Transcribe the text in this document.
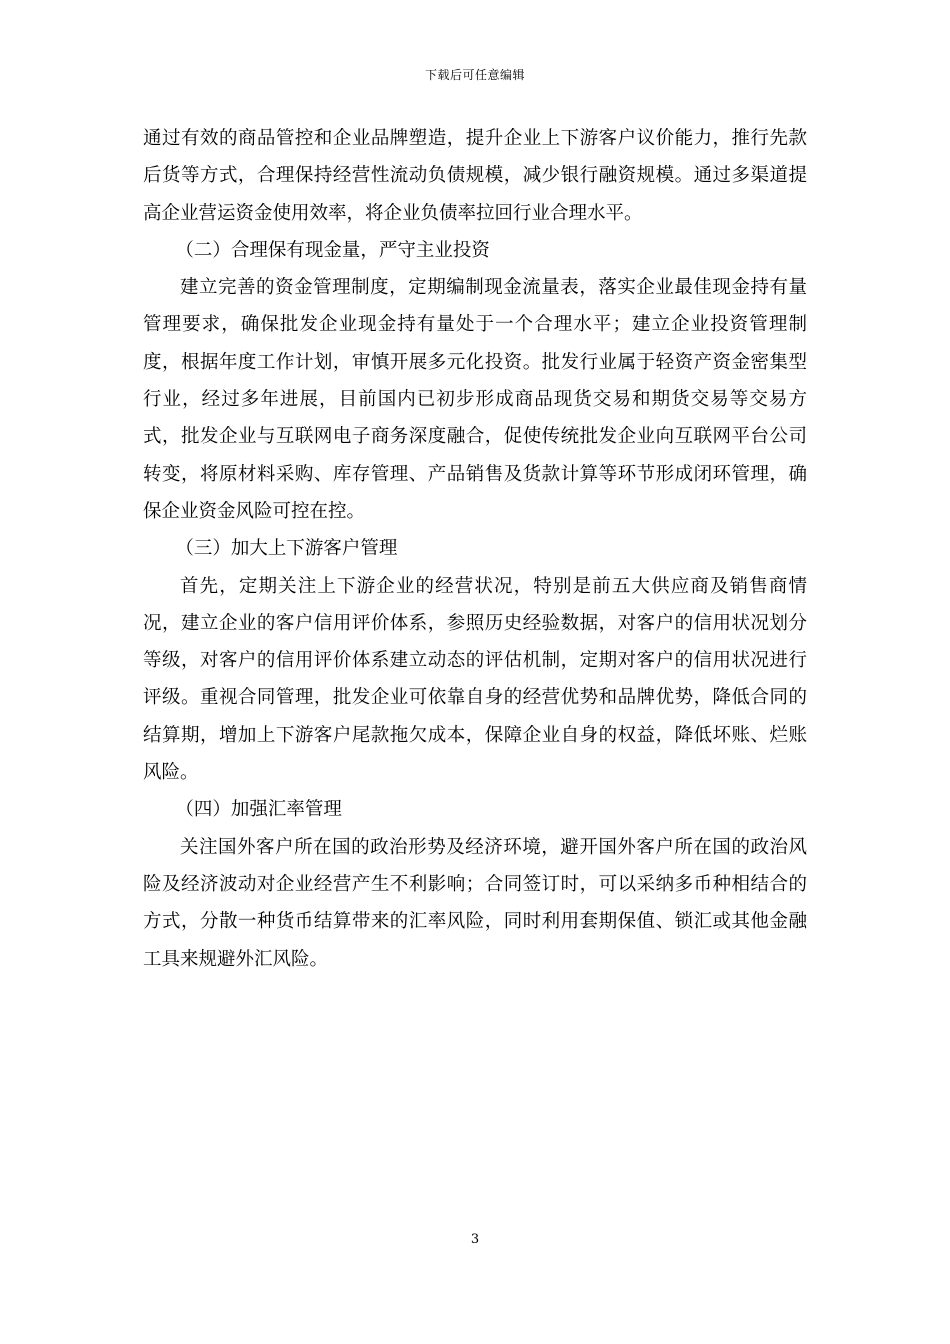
下载后可任意编辑

通过有效的商品管控和企业品牌塑造，提升企业上下游客户议价能力，推行先款后货等方式，合理保持经营性流动负债规模，减少银行融资规模。通过多渠道提高企业营运资金使用效率，将企业负债率拉回行业合理水平。

（二）合理保有现金量，严守主业投资

建立完善的资金管理制度，定期编制现金流量表，落实企业最佳现金持有量管理要求，确保批发企业现金持有量处于一个合理水平；建立企业投资管理制度，根据年度工作计划，审慎开展多元化投资。批发行业属于轻资产资金密集型行业，经过多年进展，目前国内已初步形成商品现货交易和期货交易等交易方式，批发企业与互联网电子商务深度融合，促使传统批发企业向互联网平台公司转变，将原材料采购、库存管理、产品销售及货款计算等环节形成闭环管理，确保企业资金风险可控在控。

（三）加大上下游客户管理

首先，定期关注上下游企业的经营状况，特别是前五大供应商及销售商情况，建立企业的客户信用评价体系，参照历史经验数据，对客户的信用状况划分等级，对客户的信用评价体系建立动态的评估机制，定期对客户的信用状况进行评级。重视合同管理，批发企业可依靠自身的经营优势和品牌优势，降低合同的结算期，增加上下游客户尾款拖欠成本，保障企业自身的权益，降低坏账、烂账风险。

（四）加强汇率管理

关注国外客户所在国的政治形势及经济环境，避开国外客户所在国的政治风险及经济波动对企业经营产生不利影响；合同签订时，可以采纳多币种相结合的方式，分散一种货币结算带来的汇率风险，同时利用套期保值、锁汇或其他金融工具来规避外汇风险。

3
